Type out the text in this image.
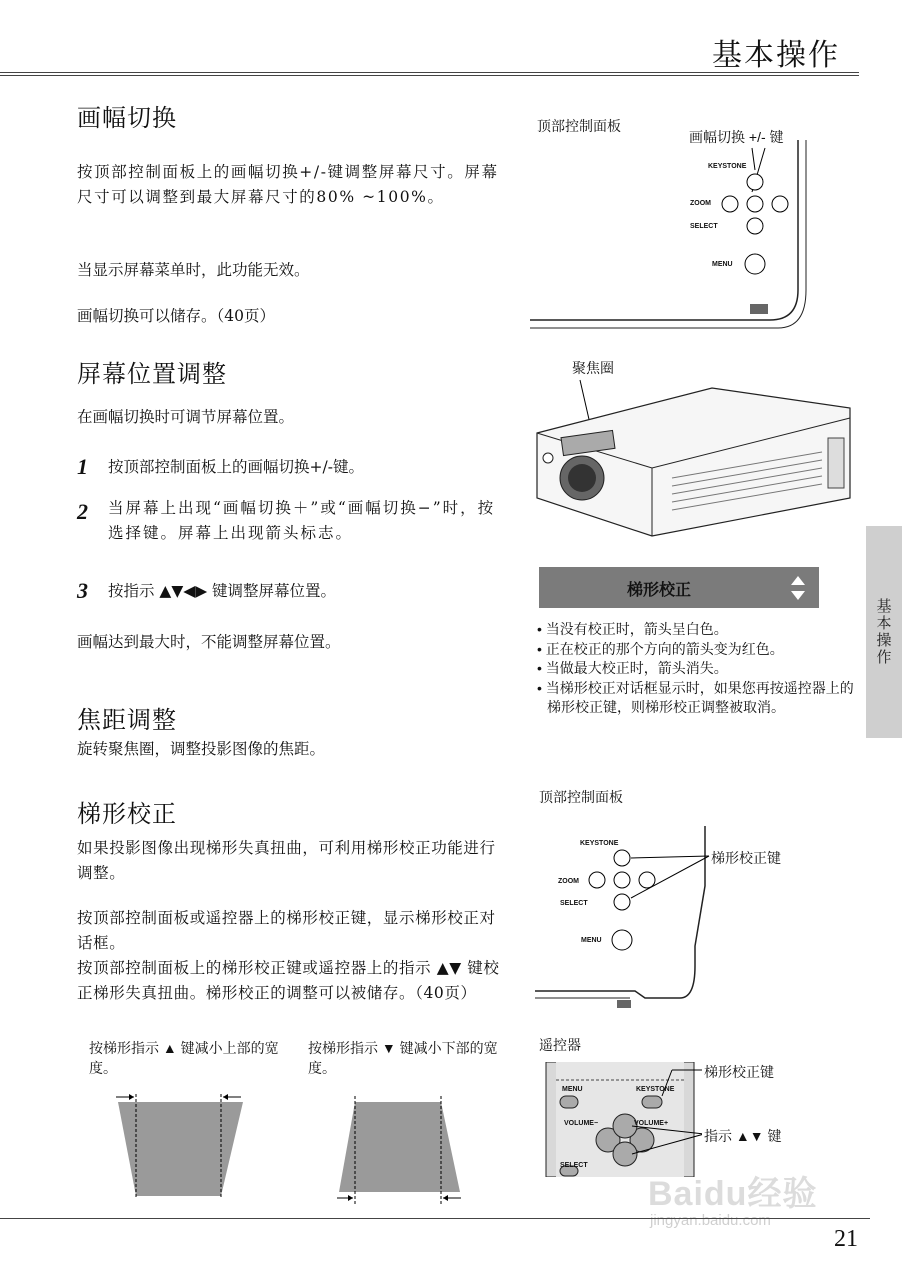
基本操作
画幅切换
按顶部控制面板上的画幅切换+/-键调整屏幕尺寸。屏幕尺寸可以调整到最大屏幕尺寸的80% ~100%。
当显示屏幕菜单时，此功能无效。
画幅切换可以储存。（40页）
屏幕位置调整
在画幅切换时可调节屏幕位置。
1 按顶部控制面板上的画幅切换+/-键。
2 当屏幕上出现“画幅切换＋”或“画幅切换−”时，按选择键。屏幕上出现箭头标志。
3 按指示 ▲▼◀▶ 键调整屏幕位置。
画幅达到最大时，不能调整屏幕位置。
焦距调整
旋转聚焦圈，调整投影图像的焦距。
梯形校正
如果投影图像出现梯形失真扭曲，可利用梯形校正功能进行调整。
按顶部控制面板或遥控器上的梯形校正键，显示梯形校正对话框。
按顶部控制面板上的梯形校正键或遥控器上的指示 ▲▼ 键校正梯形失真扭曲。梯形校正的调整可以被储存。（40页）
按梯形指示 ▲ 键减小上部的宽度。
按梯形指示 ▼ 键减小下部的宽度。
顶部控制面板
画幅切换 +/- 键
KEYSTONE
ZOOM
SELECT
MENU
聚焦圈
梯形校正
• 当没有校正时，箭头呈白色。
• 正在校正的那个方向的箭头变为红色。
• 当做最大校正时，箭头消失。
• 当梯形校正对话框显示时，如果您再按遥控器上的梯形校正键，则梯形校正调整被取消。
基本操作
顶部控制面板
梯形校正键
KEYSTONE
ZOOM
SELECT
MENU
遥控器
梯形校正键
指示 ▲▼ 键
MENU	KEYSTONE
VOLUME−	VOLUME+
SELECT
Baidu经验
jingyan.baidu.com
21
